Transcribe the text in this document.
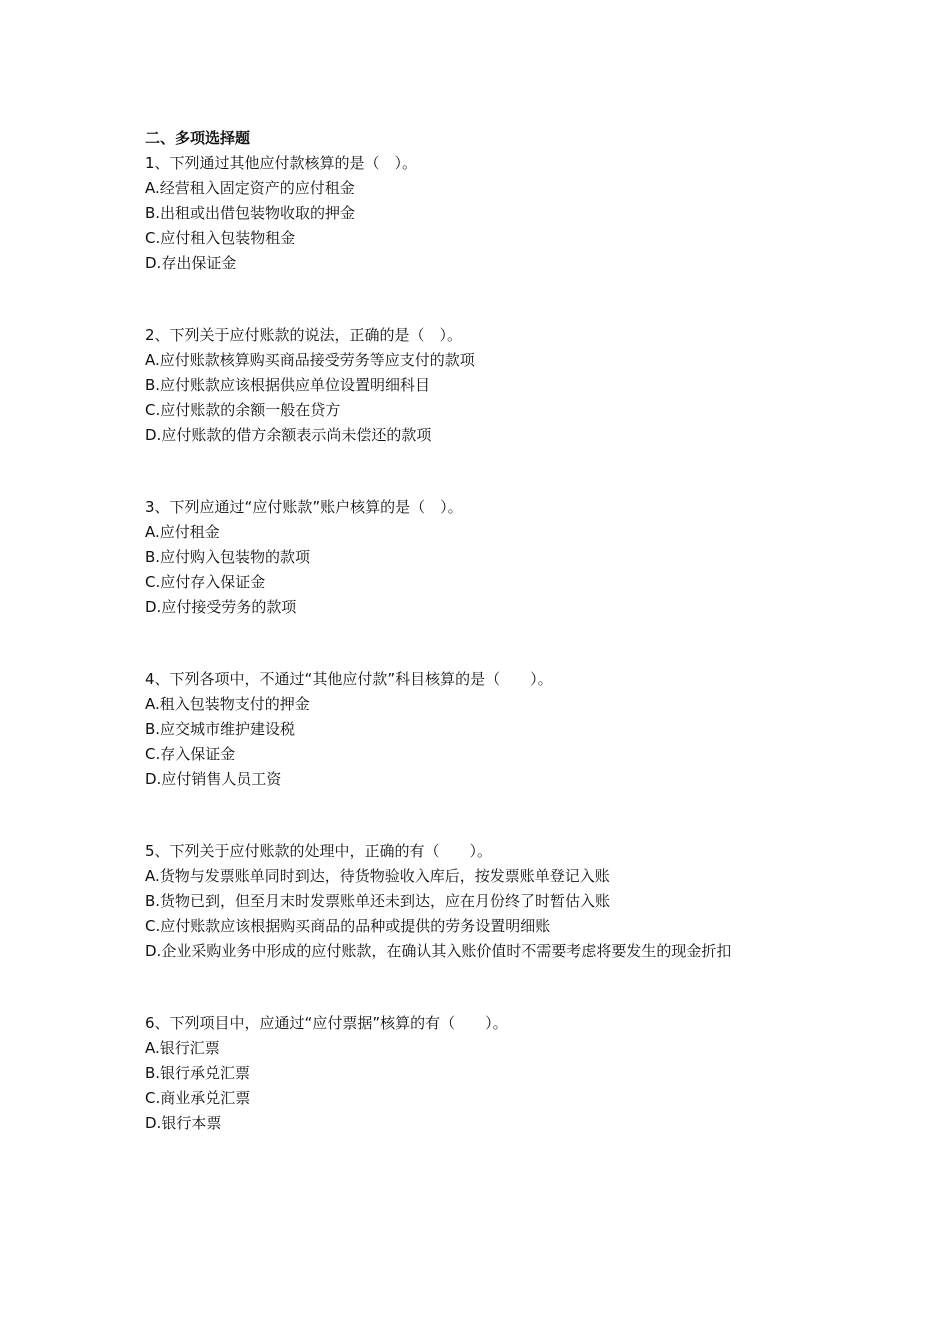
二、多项选择题
1、下列通过其他应付款核算的是（　）。
A.经营租入固定资产的应付租金
B.出租或出借包装物收取的押金
C.应付租入包装物租金
D.存出保证金
2、下列关于应付账款的说法，正确的是（　）。
A.应付账款核算购买商品接受劳务等应支付的款项
B.应付账款应该根据供应单位设置明细科目
C.应付账款的余额一般在贷方
D.应付账款的借方余额表示尚未偿还的款项
3、下列应通过“应付账款”账户核算的是（　）。
A.应付租金
B.应付购入包装物的款项
C.应付存入保证金
D.应付接受劳务的款项
4、下列各项中，不通过“其他应付款”科目核算的是（　　）。
A.租入包装物支付的押金
B.应交城市维护建设税
C.存入保证金
D.应付销售人员工资
5、下列关于应付账款的处理中，正确的有（　　）。
A.货物与发票账单同时到达，待货物验收入库后，按发票账单登记入账
B.货物已到，但至月末时发票账单还未到达，应在月份终了时暂估入账
C.应付账款应该根据购买商品的品种或提供的劳务设置明细账
D.企业采购业务中形成的应付账款，在确认其入账价值时不需要考虑将要发生的现金折扣
6、下列项目中，应通过“应付票据”核算的有（　　）。
A.银行汇票
B.银行承兑汇票
C.商业承兑汇票
D.银行本票
